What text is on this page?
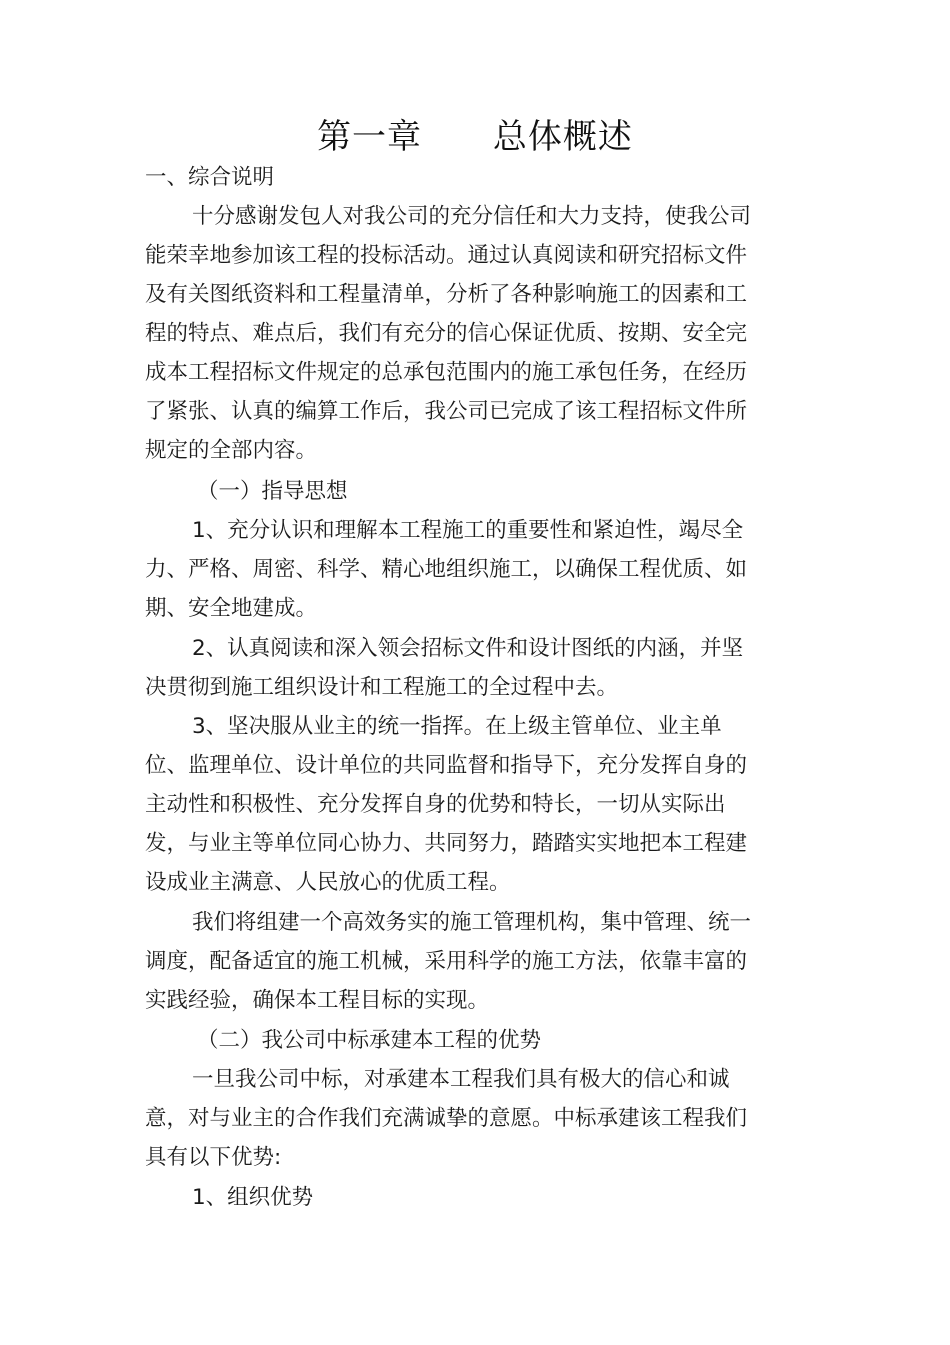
第一章      总体概述
一、综合说明
十分感谢发包人对我公司的充分信任和大力支持，使我公司
能荣幸地参加该工程的投标活动。通过认真阅读和研究招标文件
及有关图纸资料和工程量清单，分析了各种影响施工的因素和工
程的特点、难点后，我们有充分的信心保证优质、按期、安全完
成本工程招标文件规定的总承包范围内的施工承包任务，在经历
了紧张、认真的编算工作后，我公司已完成了该工程招标文件所
规定的全部内容。
（一）指导思想
1、充分认识和理解本工程施工的重要性和紧迫性，竭尽全
力、严格、周密、科学、精心地组织施工，以确保工程优质、如
期、安全地建成。
2、认真阅读和深入领会招标文件和设计图纸的内涵，并坚
决贯彻到施工组织设计和工程施工的全过程中去。
3、坚决服从业主的统一指挥。在上级主管单位、业主单
位、监理单位、设计单位的共同监督和指导下，充分发挥自身的
主动性和积极性、充分发挥自身的优势和特长，一切从实际出
发，与业主等单位同心协力、共同努力，踏踏实实地把本工程建
设成业主满意、人民放心的优质工程。
我们将组建一个高效务实的施工管理机构，集中管理、统一
调度，配备适宜的施工机械，采用科学的施工方法，依靠丰富的
实践经验，确保本工程目标的实现。
（二）我公司中标承建本工程的优势
一旦我公司中标，对承建本工程我们具有极大的信心和诚
意，对与业主的合作我们充满诚挚的意愿。中标承建该工程我们
具有以下优势:
1、组织优势
